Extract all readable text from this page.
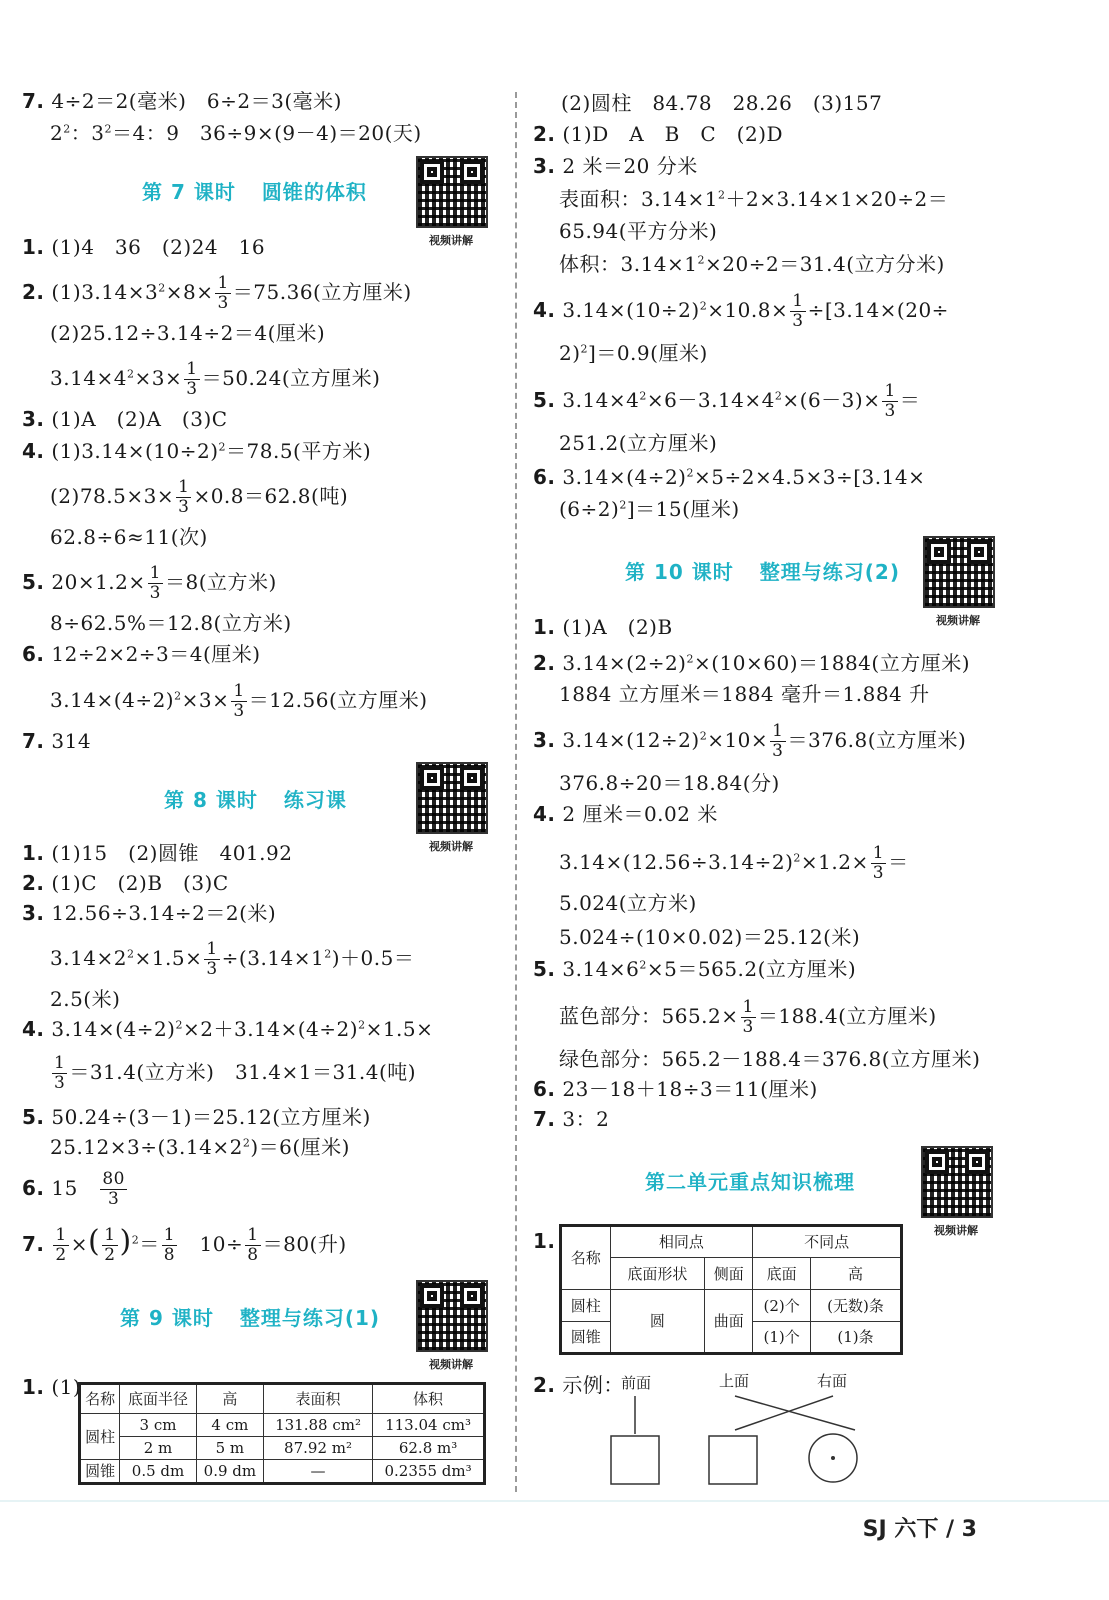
7. 4÷2＝2(毫米)　6÷2＝3(毫米)
$2^2$：$3^2=4$：9　36÷9×(9－4)＝20(天)
第 7 课时 圆锥的体积
视频讲解
1. (1)4　36　(2)24　16
2. $(1)3.14\times 3^2\times 8\times \frac{1}{3} =75.36$(立方厘米)
(2)25.12÷3.14÷2＝4(厘米)
$3.14\times 4^2\times 3\times \frac{1}{3} =50.24$(立方厘米)
3. (1)A　(2)A　(3)C
4. $(1)3.14\times(10\div 2)^2=78.5$(平方米)
$(2)78.5\times 3\times \frac{1}{3} \times 0.8=62.8$(吨)
62.8÷6≈11(次)
5. $20\times 1.2\times \frac{1}{3} =8$(立方米)
8÷62.5%＝12.8(立方米)
6. 12÷2×2÷3＝4(厘米)
$3.14\times(4\div 2)^2\times 3\times \frac{1}{3} =12.56$(立方厘米)
7. 314
第 8 课时 练习课
视频讲解
1. (1)15　(2)圆锥　401.92
2. (1)C　(2)B　(3)C
3. 12.56÷3.14÷2＝2(米)
$3.14\times 2^2\times 1.5\times \frac{1}{3} \div(3.14\times 1^2)+0.5=$
2.5(米)
4. $3.14\times(4\div 2)^2\times 2+3.14\times(4\div 2)^2\times 1.5\times$
$\frac{1}{3} =31.4$(立方米)　31.4×1＝31.4(吨)
5. 50.24÷(3－1)＝25.12(立方厘米)
$25.12\times 3\div(3.14\times 2^2)=6$(厘米)
6. 15　 $\frac{80}{3}$
7. $\frac{1}{2}$ ×( $\frac{1}{2} )^2= \frac{1}{8}$ 　$10\div \frac{1}{8} =80$(升)
第 9 课时 整理与练习(1)
视频讲解
1. (1) 名称	底面半径	高	表面积	体积
圆柱	3 cm	4 cm	131.88 cm²	113.04 cm³
	2 m	5 m	87.92 m²	62.8 m³
圆锥	0.5 dm	0.9 dm	—	0.2355 dm³
(2)圆柱　84.78　28.26　(3)157
2. (1)D　A　B　C　(2)D
3. 2 米＝20 分米
表面积：$3.14\times 1^2+2\times 3.14\times 1\times 20\div 2=$
65.94(平方分米)
体积：$3.14\times 1^2\times 20\div 2=31.4$(立方分米)
4. $3.14\times(10\div 2)^2\times 10.8\times \frac{1}{3} \div[3.14\times(20\div$
2)$^2$]＝0.9(厘米)
5. $3.14\times 4^2\times 6-3.14\times 4^2\times(6-3)\times \frac{1}{3}$ ＝
251.2(立方厘米)
6. $3.14\times(4\div 2)^2\times 5\div 2\times 4.5\times 3\div[3.14\times$
$(6\div 2)^2]=15$(厘米)
第 10 课时 整理与练习(2)
视频讲解
1. (1)A　(2)B
2. $3.14\times(2\div 2)^2\times(10\times 60)=1884$(立方厘米)
1884 立方厘米＝1884 毫升＝1.884 升
3. $3.14\times(12\div 2)^2\times 10\times \frac{1}{3} =376.8$(立方厘米)
376.8÷20＝18.84(分)
4. 2 厘米＝0.02 米
$3.14\times(12.56\div 3.14\div 2)^2\times 1.2\times \frac{1}{3}$ ＝
5.024(立方米)
5.024÷(10×0.02)＝25.12(米)
5. $3.14\times 6^2\times 5=565.2$(立方厘米)
蓝色部分：$565.2\times \frac{1}{3} =188.4$(立方厘米)
绿色部分：565.2－188.4＝376.8(立方厘米)
6. 23－18＋18÷3＝11(厘米)
7. 3：2
第二单元重点知识梳理
视频讲解
1.
名称	相同点		不同点	
	底面形状	侧面	底面	高
圆柱	圆	曲面	(2)个	(无数)条
圆锥			(1)个	(1)条
2. 示例：
前面	上面	右面
SJ 六下 / 3
